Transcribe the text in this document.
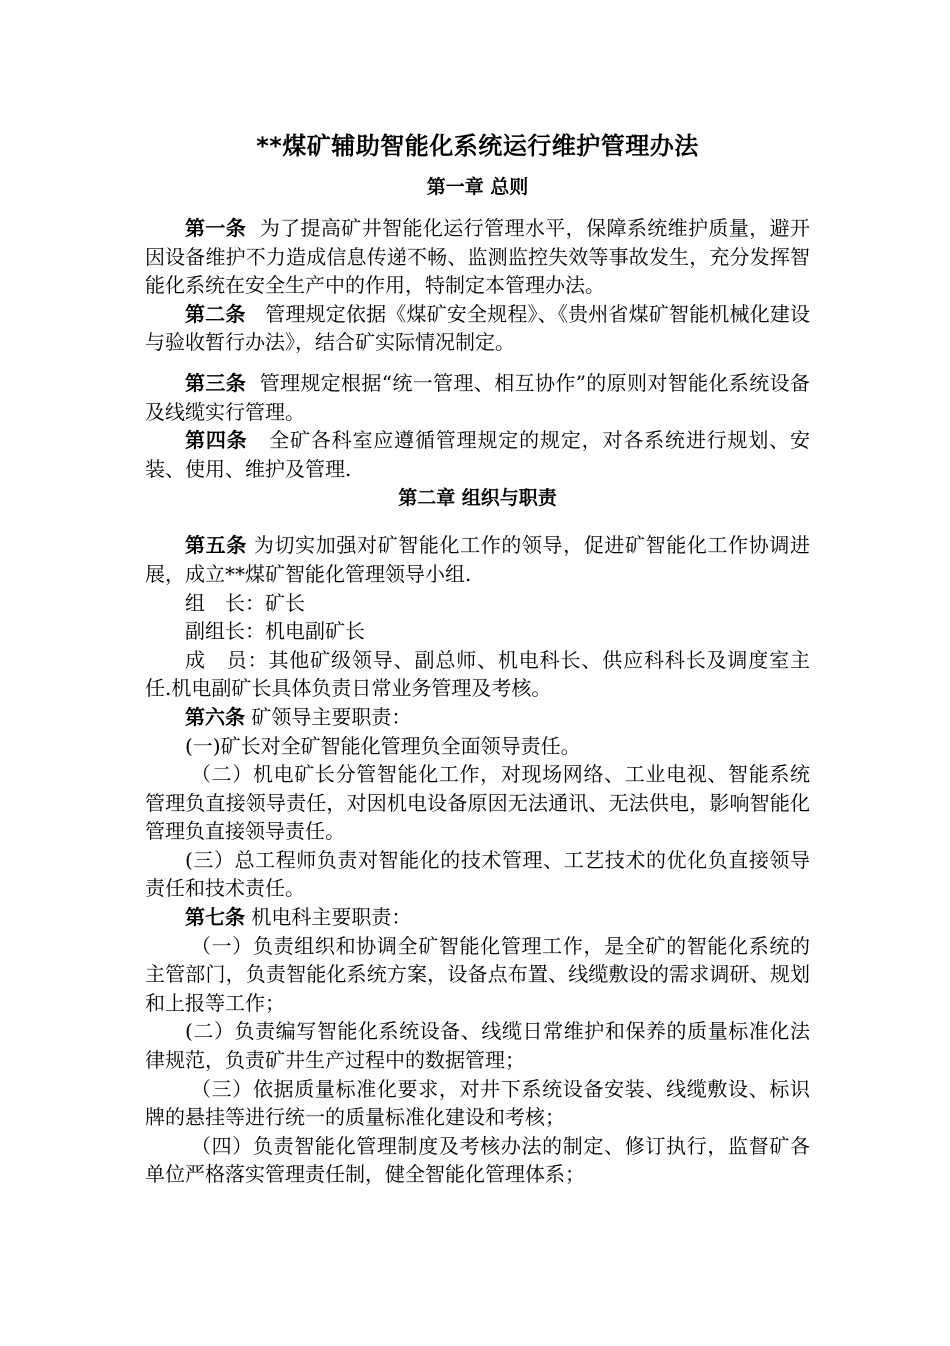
**煤矿辅助智能化系统运行维护管理办法
第一章 总则

第一条 为了提高矿井智能化运行管理水平，保障系统维护质量，避开因设备维护不力造成信息传递不畅、监测监控失效等事故发生，充分发挥智能化系统在安全生产中的作用，特制定本管理办法。

第二条 管理规定依据《煤矿安全规程》、《贵州省煤矿智能机械化建设与验收暂行办法》，结合矿实际情况制定。

第三条 管理规定根据“统一管理、相互协作”的原则对智能化系统设备及线缆实行管理。

第四条 全矿各科室应遵循管理规定的规定，对各系统进行规划、安装、使用、维护及管理.

第二章 组织与职责

第五条 为切实加强对矿智能化工作的领导，促进矿智能化工作协调进展，成立**煤矿智能化管理领导小组.

组　长：矿长

副组长：机电副矿长

成　员：其他矿级领导、副总师、机电科长、供应科科长及调度室主任.机电副矿长具体负责日常业务管理及考核。

第六条 矿领导主要职责：

(一)矿长对全矿智能化管理负全面领导责任。

（二）机电矿长分管智能化工作，对现场网络、工业电视、智能系统管理负直接领导责任，对因机电设备原因无法通讯、无法供电，影响智能化管理负直接领导责任。

(三）总工程师负责对智能化的技术管理、工艺技术的优化负直接领导责任和技术责任。

第七条 机电科主要职责：

（一）负责组织和协调全矿智能化管理工作，是全矿的智能化系统的主管部门，负责智能化系统方案，设备点布置、线缆敷设的需求调研、规划和上报等工作；

(二）负责编写智能化系统设备、线缆日常维护和保养的质量标准化法律规范，负责矿井生产过程中的数据管理；

（三）依据质量标准化要求，对井下系统设备安装、线缆敷设、标识牌的悬挂等进行统一的质量标准化建设和考核；

（四）负责智能化管理制度及考核办法的制定、修订执行，监督矿各单位严格落实管理责任制，健全智能化管理体系；
